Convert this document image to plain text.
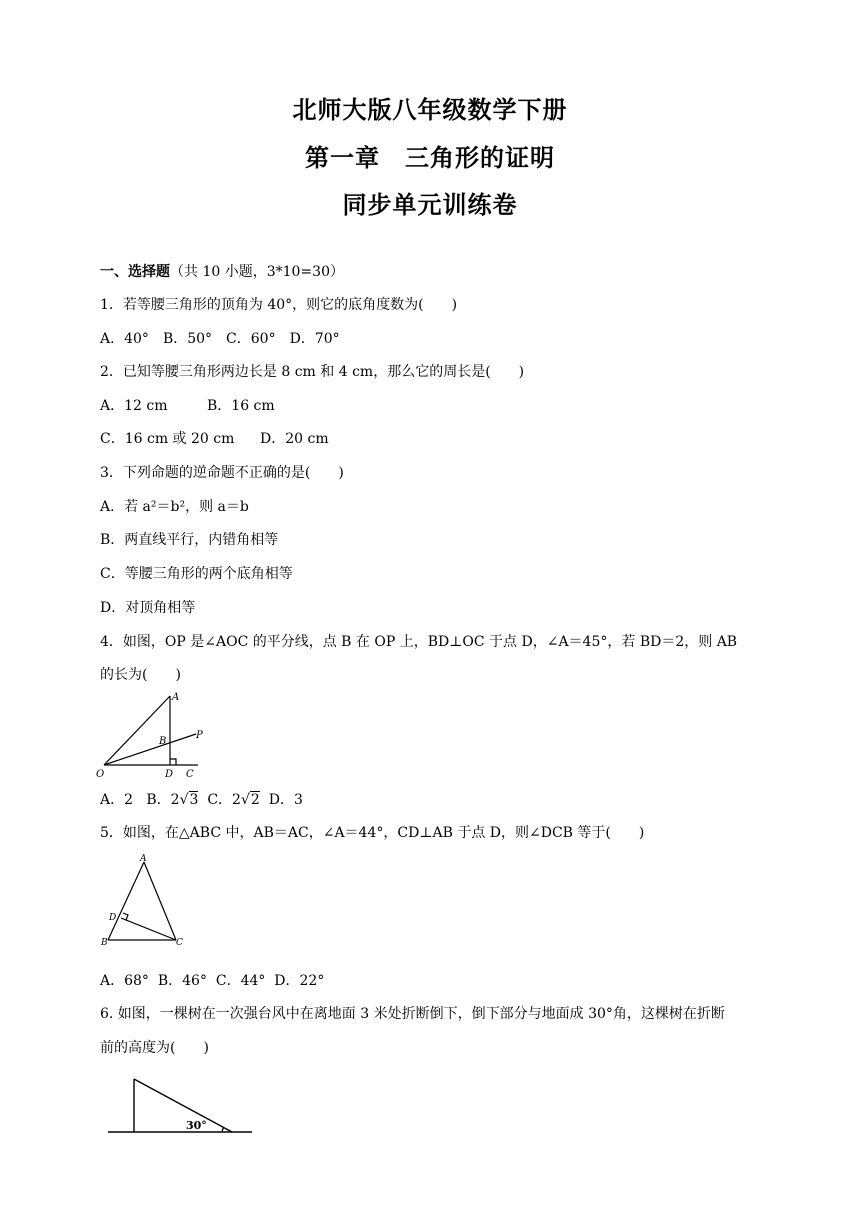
北师大版八年级数学下册
第一章　三角形的证明
同步单元训练卷
一、选择题（共 10 小题，3*10=30）
1．若等腰三角形的顶角为 40°，则它的底角度数为(　　)
A．40°　 B．50°　 C．60°　 D．70°
2．已知等腰三角形两边长是 8 cm 和 4 cm，那么它的周长是(　　)
A．12 cm	B．16 cm
C．16 cm 或 20 cm D．20 cm
3．下列命题的逆命题不正确的是(　　)
A．若 a²＝b²，则 a＝b
B．两直线平行，内错角相等
C．等腰三角形的两个底角相等
D．对顶角相等
4．如图，OP 是∠AOC 的平分线，点 B 在 OP 上，BD⊥OC 于点 D，∠A＝45°，若 BD＝2，则 AB
的长为(　　)
A
B
P
O	D C
A．2 B．2√3 C．2√2 D．3
5．如图，在△ABC 中，AB＝AC，∠A＝44°，CD⊥AB 于点 D，则∠DCB 等于(　　)
A
D
B	C
A．68° B．46° C．44° D．22°
6. 如图，一棵树在一次强台风中在离地面 3 米处折断倒下，倒下部分与地面成 30°角，这棵树在折断
前的高度为(　　)
30°
